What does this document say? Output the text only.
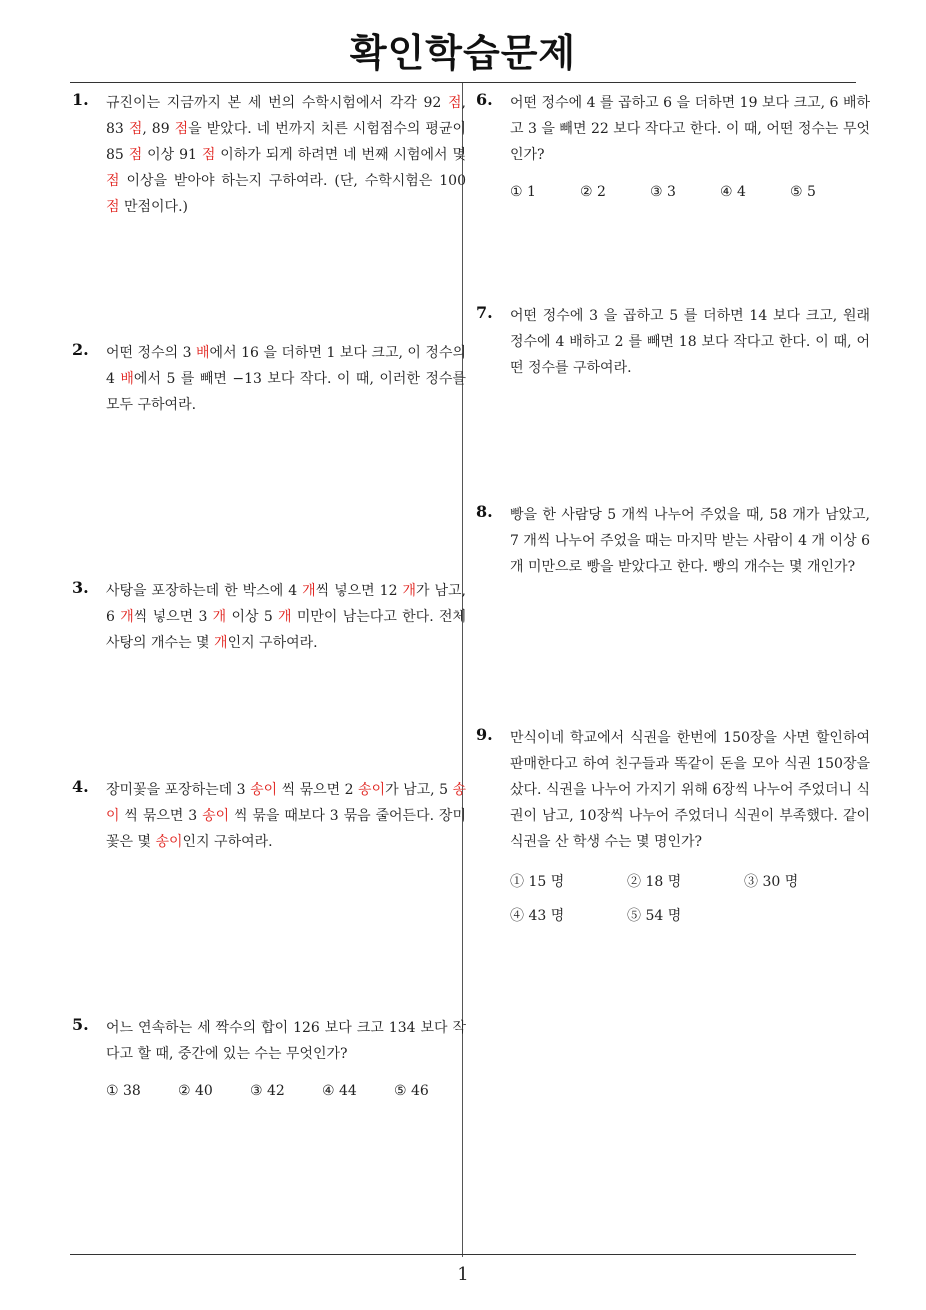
확인학습문제
1. 규진이는 지금까지 본 세 번의 수학시험에서 각각 92 점, 83 점, 89 점을 받았다. 네 번까지 치른 시험점수의 평균이 85 점 이상 91 점 이하가 되게 하려면 네 번째 시험에서 몇 점 이상을 받아야 하는지 구하여라. (단, 수학시험은 100 점 만점이다.)

2. 어떤 정수의 3 배에서 16 을 더하면 1 보다 크고, 이 정수의 4 배에서 5 를 빼면 −13 보다 작다. 이 때, 이러한 정수를 모두 구하여라.

3. 사탕을 포장하는데 한 박스에 4 개씩 넣으면 12 개가 남고, 6 개씩 넣으면 3 개 이상 5 개 미만이 남는다고 한다. 전체 사탕의 개수는 몇 개인지 구하여라.

4. 장미꽃을 포장하는데 3 송이 씩 묶으면 2 송이가 남고, 5 송이 씩 묶으면 3 송이 씩 묶을 때보다 3 묶음 줄어든다. 장미꽃은 몇 송이인지 구하여라.

5. 어느 연속하는 세 짝수의 합이 126 보다 크고 134 보다 작다고 할 때, 중간에 있는 수는 무엇인가?

① 38	② 40	③ 42	④ 44	⑤ 46
6. 어떤 정수에 4 를 곱하고 6 을 더하면 19 보다 크고, 6 배하고 3 을 빼면 22 보다 작다고 한다. 이 때, 어떤 정수는 무엇인가?

① 1	② 2	③ 3	④ 4	⑤ 5
7. 어떤 정수에 3 을 곱하고 5 를 더하면 14 보다 크고, 원래 정수에 4 배하고 2 를 빼면 18 보다 작다고 한다. 이 때, 어떤 정수를 구하여라.

8. 빵을 한 사람당 5 개씩 나누어 주었을 때, 58 개가 남았고, 7 개씩 나누어 주었을 때는 마지막 받는 사람이 4 개 이상 6 개 미만으로 빵을 받았다고 한다. 빵의 개수는 몇 개인가?

9. 만식이네 학교에서 식권을 한번에 150장을 사면 할인하여 판매한다고 하여 친구들과 똑같이 돈을 모아 식권 150장을 샀다. 식권을 나누어 가지기 위해 6장씩 나누어 주었더니 식권이 남고, 10장씩 나누어 주었더니 식권이 부족했다. 같이 식권을 산 학생 수는 몇 명인가?

① 15 명	② 18 명	③ 30 명
④ 43 명	⑤ 54 명
1
